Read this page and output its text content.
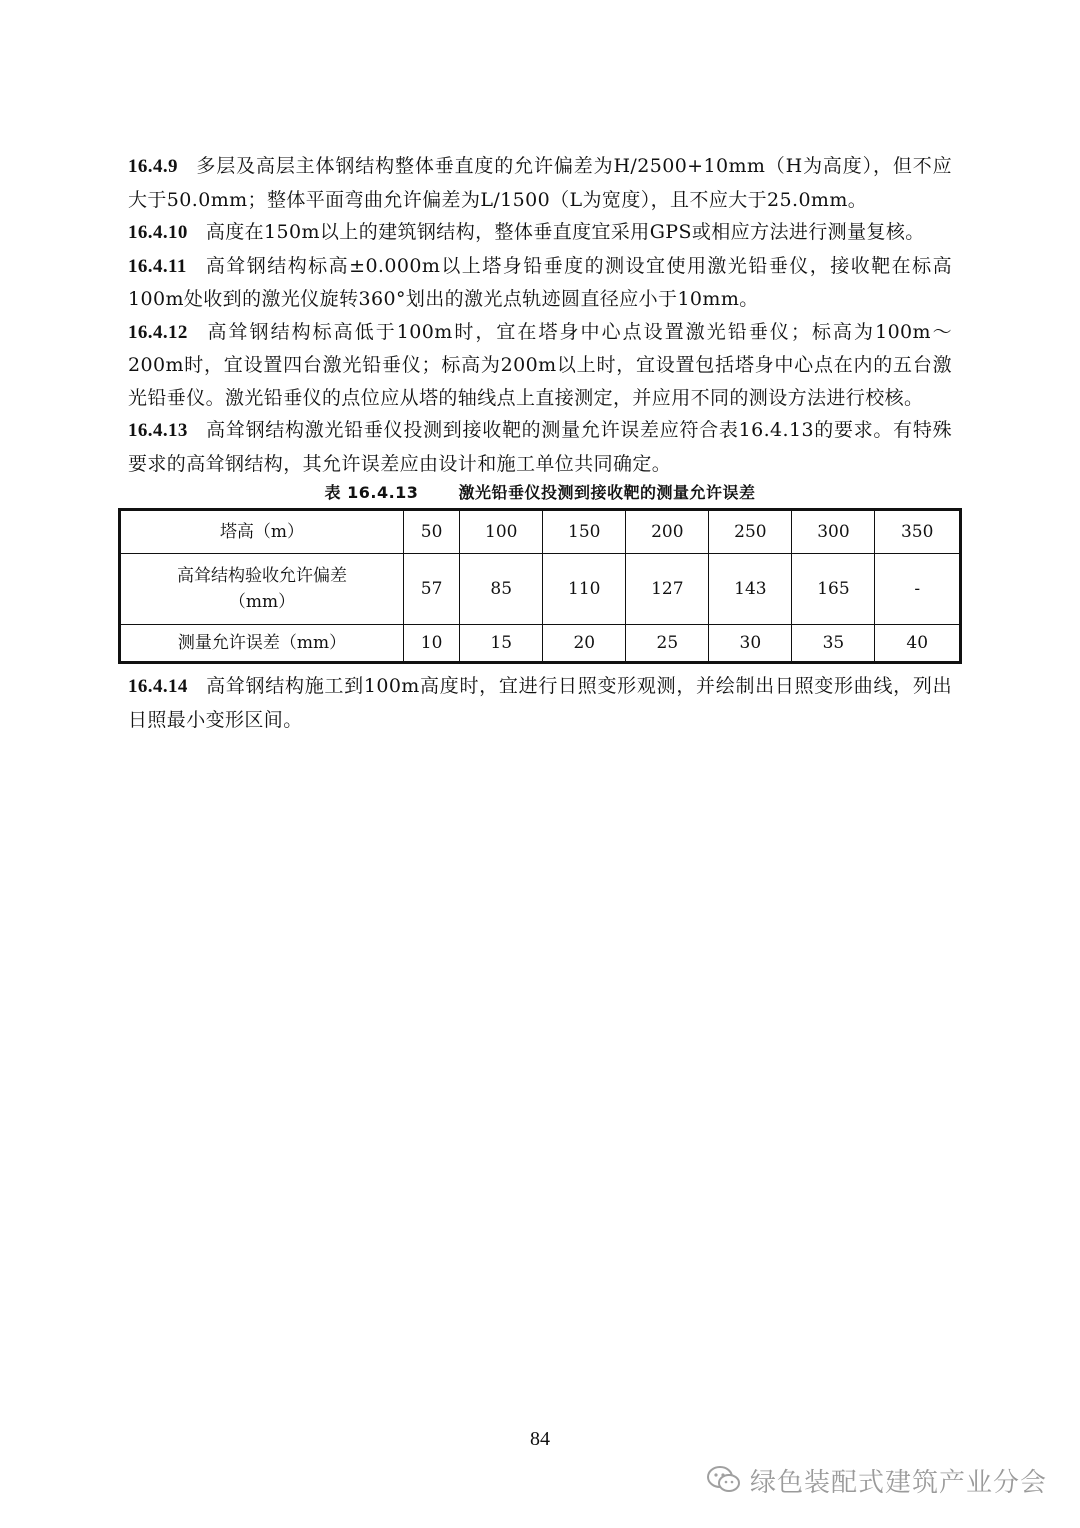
16.4.9 多层及高层主体钢结构整体垂直度的允许偏差为H/2500+10mm（H为高度），但不应大于50.0mm；整体平面弯曲允许偏差为L/1500（L为宽度），且不应大于25.0mm。

16.4.10 高度在150m以上的建筑钢结构，整体垂直度宜采用GPS或相应方法进行测量复核。

16.4.11 高耸钢结构标高±0.000m以上塔身铅垂度的测设宜使用激光铅垂仪，接收靶在标高100m处收到的激光仪旋转360°划出的激光点轨迹圆直径应小于10mm。

16.4.12 高耸钢结构标高低于100m时，宜在塔身中心点设置激光铅垂仪；标高为100m～200m时，宜设置四台激光铅垂仪；标高为200m以上时，宜设置包括塔身中心点在内的五台激光铅垂仪。激光铅垂仪的点位应从塔的轴线点上直接测定，并应用不同的测设方法进行校核。

16.4.13 高耸钢结构激光铅垂仪投测到接收靶的测量允许误差应符合表16.4.13的要求。有特殊要求的高耸钢结构，其允许误差应由设计和施工单位共同确定。

表 16.4.13	激光铅垂仪投测到接收靶的测量允许误差
塔高（m）	50	100	150	200	250	300	350

高耸结构验收允许偏差
（mm）	57	85	110	127	143	165	-
测量允许误差（mm）	10	15	20	25	30	35	40

16.4.14 高耸钢结构施工到100m高度时，宜进行日照变形观测，并绘制出日照变形曲线，列出日照最小变形区间。

84
绿色装配式建筑产业分会
